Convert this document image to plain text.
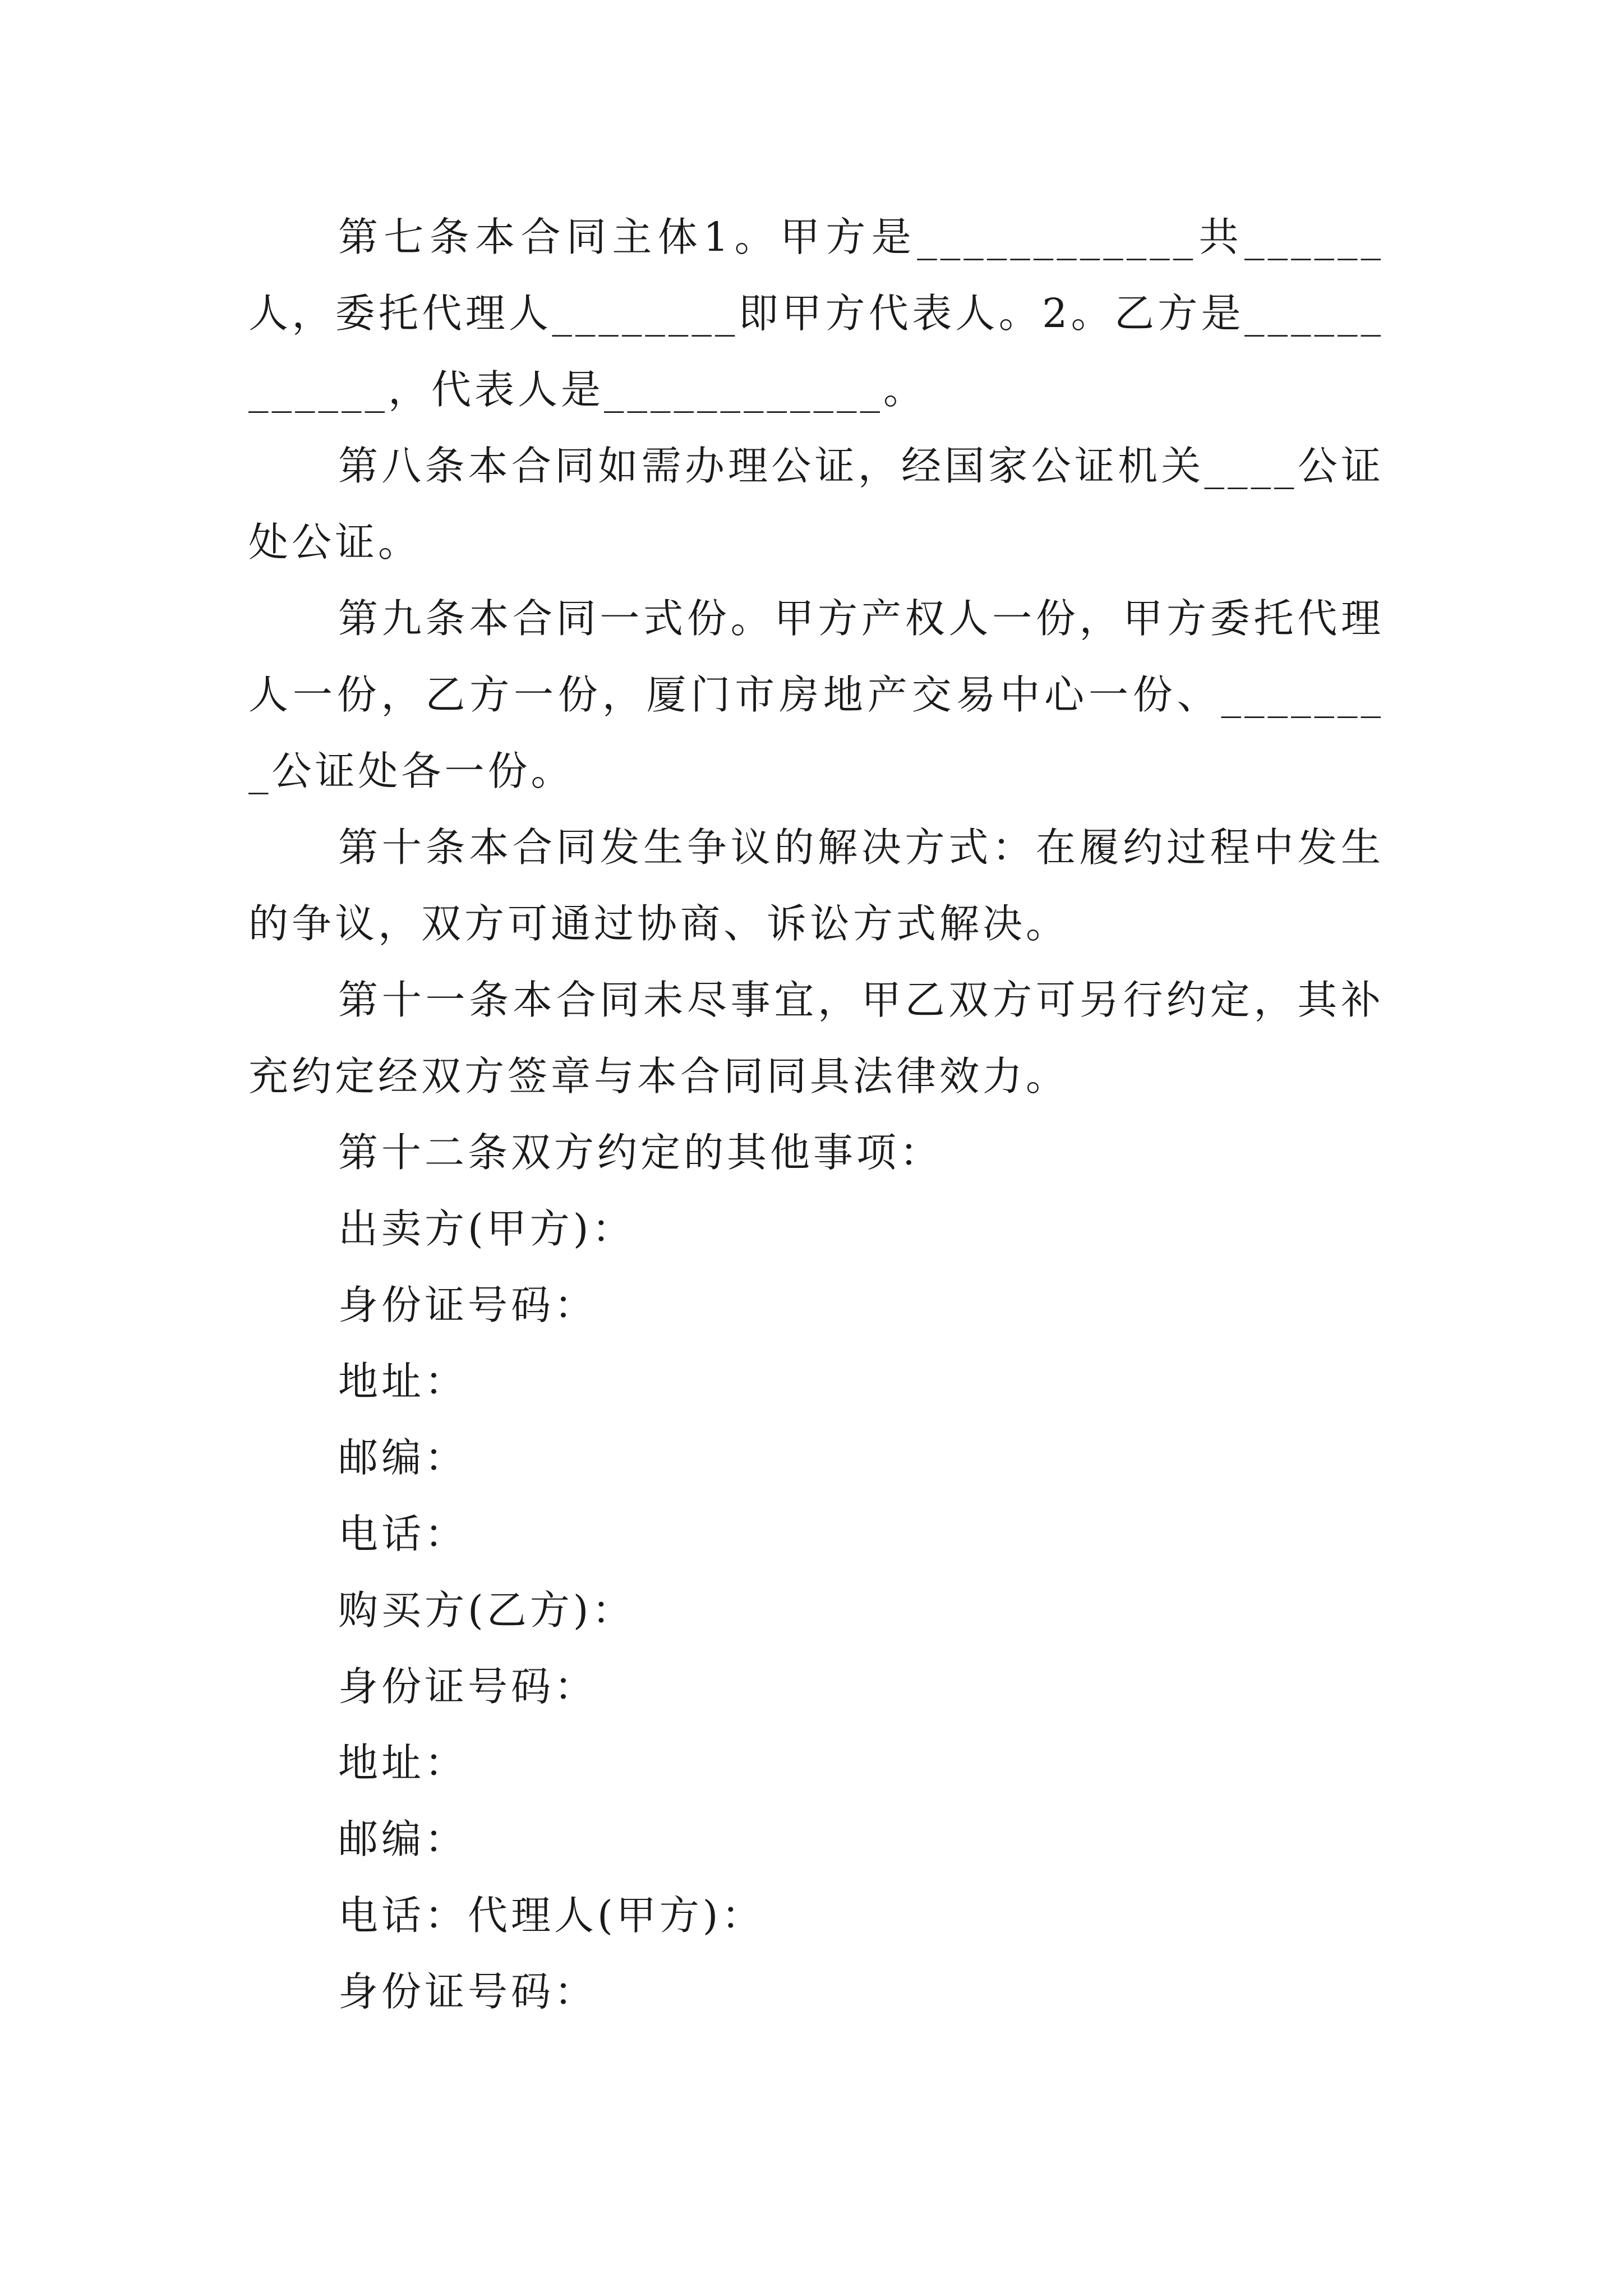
第七条本合同主体1。甲方是____________共______人，委托代理人________即甲方代表人。2。乙方是____________，代表人是____________。

第八条本合同如需办理公证，经国家公证机关____公证处公证。

第九条本合同一式份。甲方产权人一份，甲方委托代理人一份，乙方一份，厦门市房地产交易中心一份、________公证处各一份。

第十条本合同发生争议的解决方式：在履约过程中发生的争议，双方可通过协商、诉讼方式解决。

第十一条本合同未尽事宜，甲乙双方可另行约定，其补充约定经双方签章与本合同同具法律效力。

第十二条双方约定的其他事项：

出卖方(甲方)：

身份证号码：

地址：

邮编：

电话：

购买方(乙方)：

身份证号码：

地址：

邮编：

电话：代理人(甲方)：

身份证号码：
